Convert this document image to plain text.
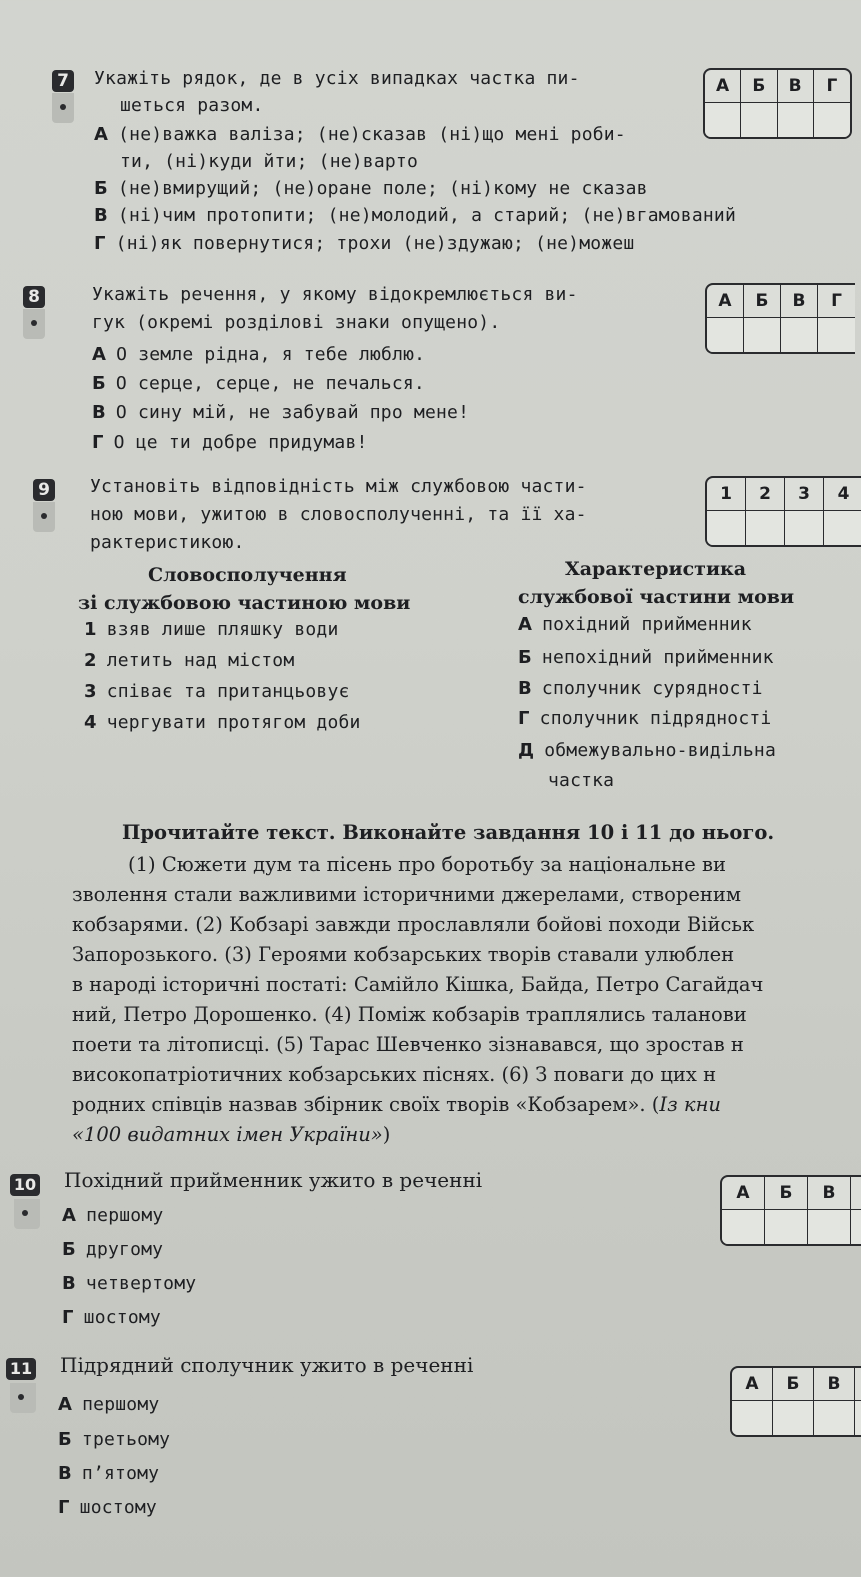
7 Укажіть рядок, де в усіх випадках частка пи-
шеться разом.
А (не)важка валіза; (не)сказав (ні)що мені роби-
ти, (ні)куди йти; (не)варто
Б (не)вмирущий; (не)оране поле; (ні)кому не сказав
В (ні)чим протопити; (не)молодий, а старий; (не)вгамований
Г (ні)як повернутися; трохи (не)здужаю; (не)можеш
А	Б	В	Г
8	Укажіть речення, у якому відокремлюється ви-
гук (окремі розділові знаки опущено).
А О земле рідна, я тебе люблю.
Б О серце, серце, не печалься.
В О сину мій, не забувай про мене!
Г О це ти добре придумав!
А	Б	В	Г
9 Установіть відповідність між службовою части-
ною мови, ужитою в словосполученні, та її ха-
рактеристикою.
1	2	3	4
Словосполучення
зі службовою частиною мови
Характеристика
службової частини мови
1 взяв лише пляшку води
2 летить над містом
3 співає та пританцьовує
4 чергувати протягом доби
А похідний прийменник
Б непохідний прийменник
В сполучник сурядності
Г сполучник підрядності
Д обмежувально-видільна
частка
Прочитайте текст. Виконайте завдання 10 і 11 до нього.

(1) Сюжети дум та пісень про боротьбу за національне ви

зволення стали важливими історичними джерелами, створеним

кобзарями. (2) Кобзарі завжди прославляли бойові походи Військ

Запорозького. (3) Героями кобзарських творів ставали улюблен

в народі історичні постаті: Самійло Кішка, Байда, Петро Сагайдач

ний, Петро Дорошенко. (4) Поміж кобзарів траплялись таланови

поети та літописці. (5) Тарас Шевченко зізнавався, що зростав н

високопатріотичних кобзарських піснях. (6) З поваги до цих н

родних співців назвав збірник своїх творів «Кобзарем». (Із кни

«100 видатних імен України»)

10 Похідний прийменник ужито в реченні
А першому
Б другому
В четвертому
Г шостому
А	Б	В
11 Підрядний сполучник ужито в реченні
А першому
Б третьому
В п’ятому
Г шостому
А	Б	В
